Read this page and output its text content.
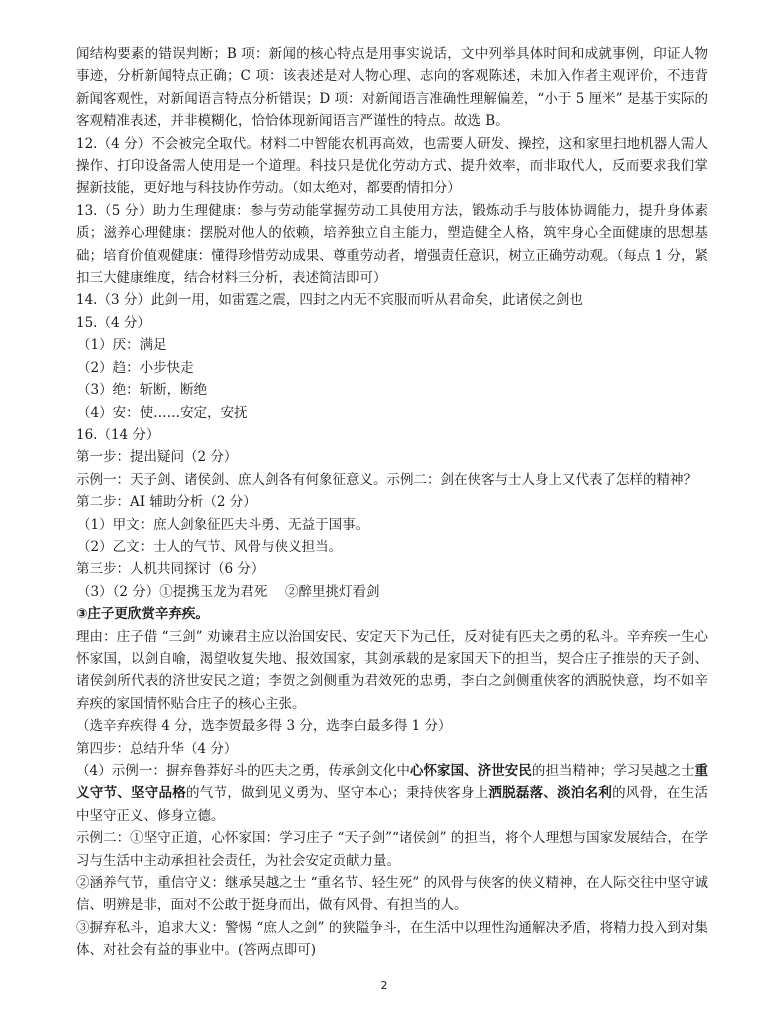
闻结构要素的错误判断；B 项：新闻的核心特点是用事实说话，文中列举具体时间和成就事例，印证人物事迹，分析新闻特点正确；C 项：该表述是对人物心理、志向的客观陈述，未加入作者主观评价，不违背新闻客观性，对新闻语言特点分析错误；D 项：对新闻语言准确性理解偏差，“小于 5 厘米” 是基于实际的客观精准表述，并非模糊化，恰恰体现新闻语言严谨性的特点。故选 B。

12.（4 分）不会被完全取代。材料二中智能农机再高效，也需要人研发、操控，这和家里扫地机器人需人操作、打印设备需人使用是一个道理。科技只是优化劳动方式、提升效率，而非取代人，反而要求我们掌握新技能，更好地与科技协作劳动。（如太绝对，都要酌情扣分）

13.（5 分）助力生理健康：参与劳动能掌握劳动工具使用方法，锻炼动手与肢体协调能力，提升身体素质；滋养心理健康：摆脱对他人的依赖，培养独立自主能力，塑造健全人格，筑牢身心全面健康的思想基础；培育价值观健康：懂得珍惜劳动成果、尊重劳动者，增强责任意识，树立正确劳动观。（每点 1 分，紧扣三大健康维度，结合材料三分析，表述简洁即可）

14.（3 分）此剑一用，如雷霆之震，四封之内无不宾服而听从君命矣，此诸侯之剑也

15.（4 分）

（1）厌：满足

（2）趋：小步快走

（3）绝：斩断，断绝

（4）安：使……安定，安抚

16.（14 分）

第一步：提出疑问（2 分）

示例一：天子剑、诸侯剑、庶人剑各有何象征意义。示例二：剑在侠客与士人身上又代表了怎样的精神？

第二步：AI 辅助分析（2 分）

（1）甲文：庶人剑象征匹夫斗勇、无益于国事。

（2）乙文：士人的气节、风骨与侠义担当。

第三步：人机共同探讨（6 分）

（3）（2 分）①提携玉龙为君死　 ②醉里挑灯看剑

③庄子更欣赏辛弃疾。

理由：庄子借 “三剑” 劝谏君主应以治国安民、安定天下为己任，反对徒有匹夫之勇的私斗。辛弃疾一生心怀家国，以剑自喻，渴望收复失地、报效国家，其剑承载的是家国天下的担当，契合庄子推崇的天子剑、诸侯剑所代表的济世安民之道；李贺之剑侧重为君效死的忠勇，李白之剑侧重侠客的洒脱快意，均不如辛弃疾的家国情怀贴合庄子的核心主张。

（选辛弃疾得 4 分，选李贺最多得 3 分，选李白最多得 1 分）

第四步：总结升华（4 分）

（4）示例一：摒弃鲁莽好斗的匹夫之勇，传承剑文化中心怀家国、济世安民的担当精神；学习吴越之士重义守节、坚守品格的气节，做到见义勇为、坚守本心；秉持侠客身上洒脱磊落、淡泊名利的风骨，在生活中坚守正义、修身立德。

示例二：①坚守正道，心怀家国：学习庄子 “天子剑”“诸侯剑” 的担当，将个人理想与国家发展结合，在学习与生活中主动承担社会责任，为社会安定贡献力量。

②涵养气节，重信守义：继承吴越之士 “重名节、轻生死” 的风骨与侠客的侠义精神，在人际交往中坚守诚信、明辨是非，面对不公敢于挺身而出，做有风骨、有担当的人。

③摒弃私斗，追求大义：警惕 “庶人之剑” 的狭隘争斗，在生活中以理性沟通解决矛盾，将精力投入到对集体、对社会有益的事业中。(答两点即可)

2
